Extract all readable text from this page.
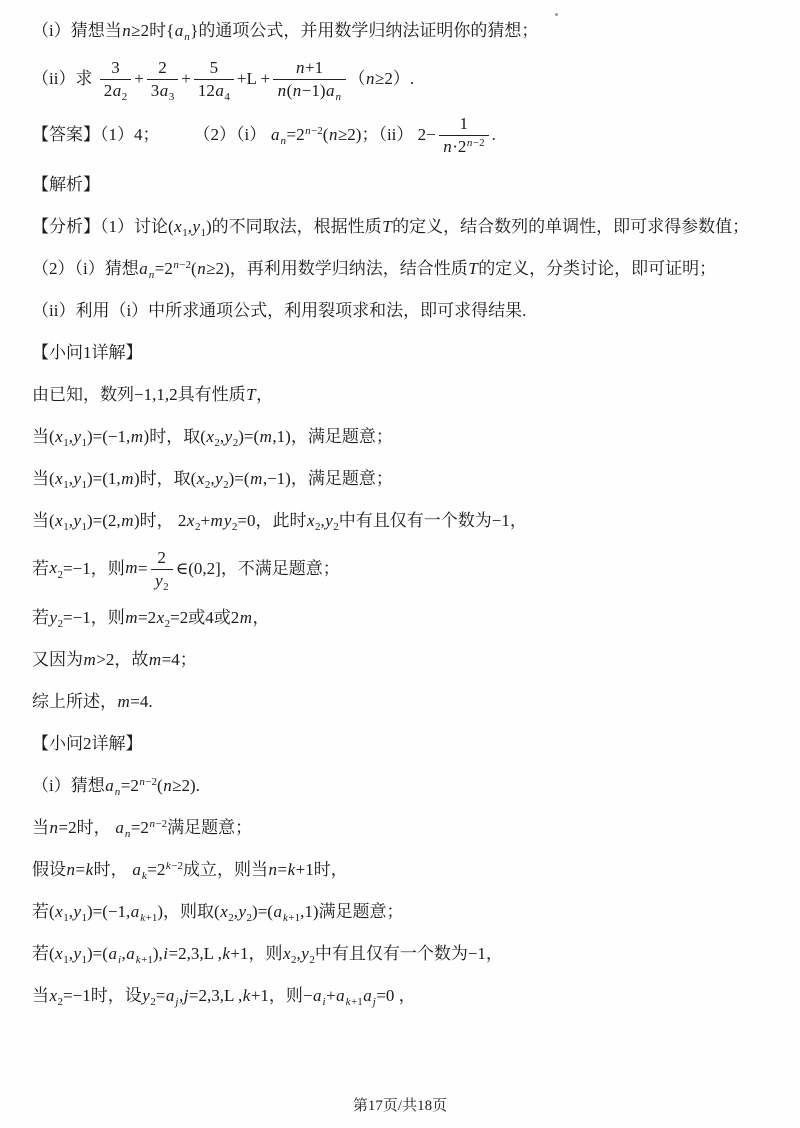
（i）猜想当n≥2时$\{a_n\}$的通项公式，并用数学归纳法证明你的猜想；
（ii）求 $\frac{3}{2a_2} + \frac{2}{3a_3} + \frac{5}{12a_4} +L + \frac{n+1}{n(n-1)a_n} (n\ge 2)$.
【答案】（1）4；        （2）（i） $a_n=2^{n-2}(n\ge 2)$；（ii） $2- \frac{1}{n\cdot 2^{n-2}}$ .
【解析】
【分析】（1）讨论$(x_1,y_1)$的不同取法，根据性质T的定义，结合数列的单调性，即可求得参数值；
（2）（i）猜想$a_n=2^{n-2}(n\ge 2)$，再利用数学归纳法，结合性质T的定义，分类讨论，即可证明；
（ii）利用（i）中所求通项公式，利用裂项求和法，即可求得结果.
【小问1详解】
由已知，数列−1,1,2具有性质T，
当$(x_1,y_1)=(-1,m)$时，取$(x_2,y_2)=(m,1)$，满足题意；
当$(x_1,y_1)=(1,m)$时，取$(x_2,y_2)=(m,-1)$，满足题意；
当$(x_1,y_1)=(2,m)$时， $2x_2+my_2=0$，此时$x_2,y_2$中有且仅有一个数为−1，
若$x_2=-1$，则$m= \frac{2}{y_2}$ ∈(0,2]，不满足题意；
若$y_2=-1$，则$m=2x_2=2$或4或2m，
又因为m>2，故m=4；
综上所述，m=4.
【小问2详解】
（i）猜想$a_n=2^{n-2}(n\ge 2)$.
当n=2时， $a_n=2^{n-2}$满足题意；
假设n=k时， $a_k=2^{k-2}$成立，则当n=k+1时，
若$(x_1,y_1)=(-1,a_{k+1})$，则取$(x_2,y_2)=(a_{k+1},1)$满足题意；
若$(x_1,y_1)=(a_i,a_{k+1}),i=2,3,L$ ,k+1，则$x_2,y_2$中有且仅有一个数为−1，
当$x_2=-1$时，设$y_2=a_j,j=2,3,L$ ,k+1，则$-a_i+a_{k+1}a_j=0$ ，
第17页/共18页
